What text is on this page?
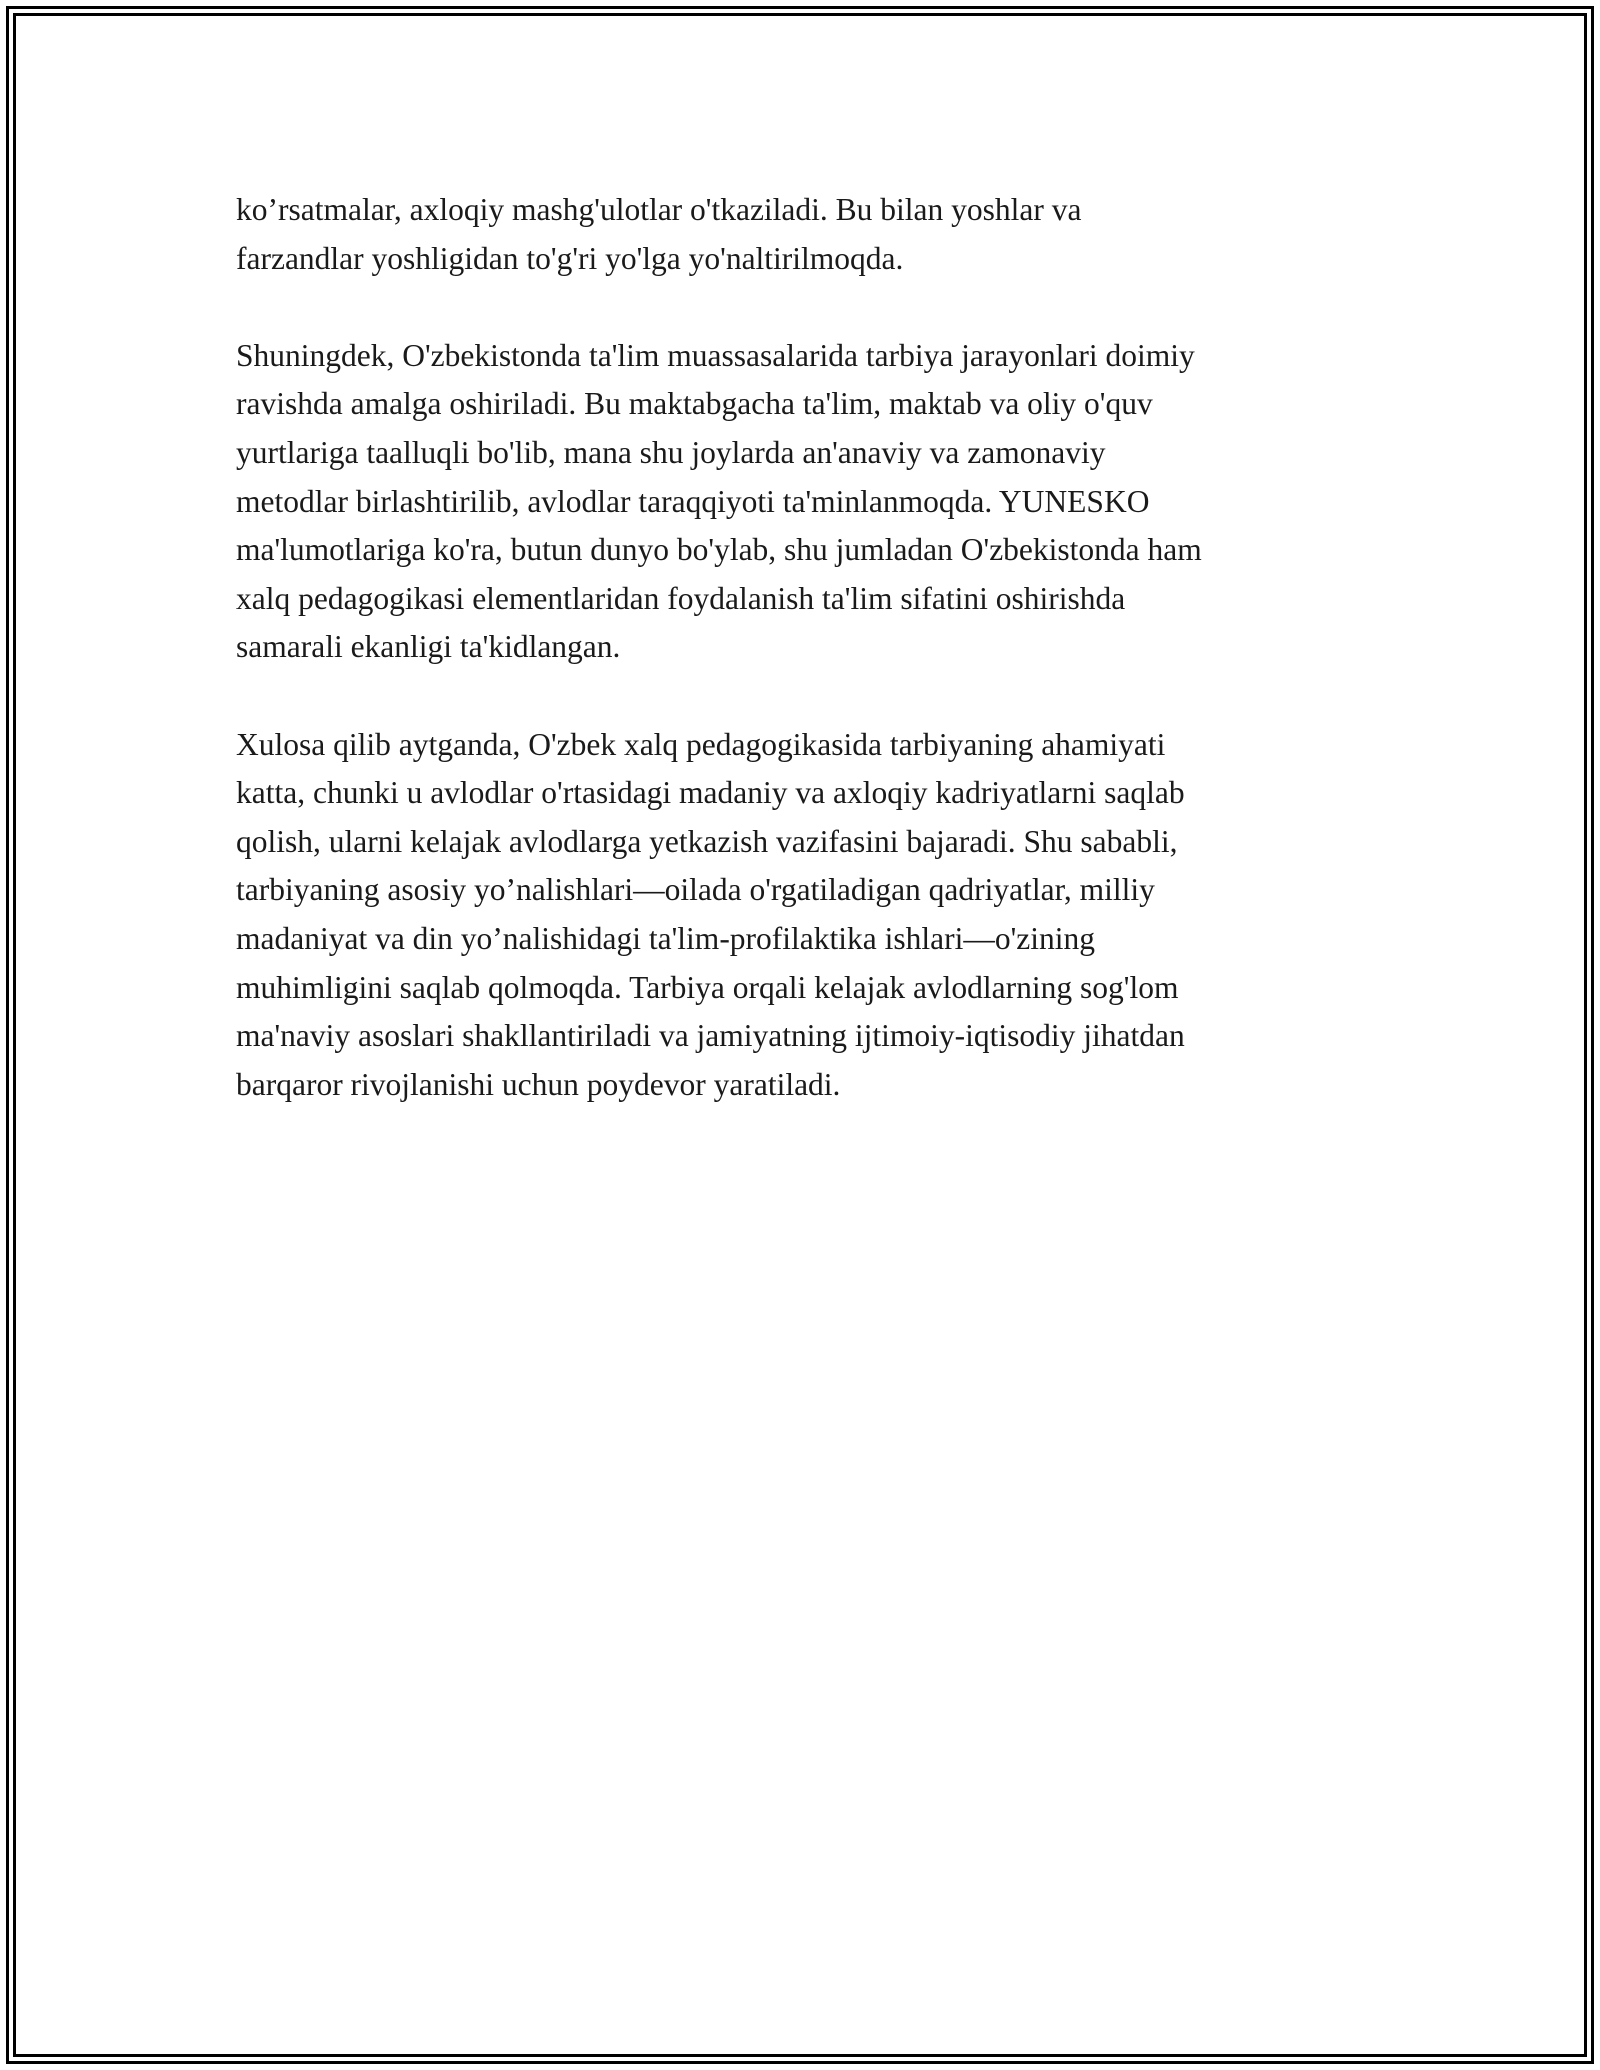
ko’rsatmalar, axloqiy mashg'ulotlar o'tkaziladi. Bu bilan yoshlar va
farzandlar yoshligidan to'g'ri yo'lga yo'naltirilmoqda.

Shuningdek, O'zbekistonda ta'lim muassasalarida tarbiya jarayonlari doimiy
ravishda amalga oshiriladi. Bu maktabgacha ta'lim, maktab va oliy o'quv
yurtlariga taalluqli bo'lib, mana shu joylarda an'anaviy va zamonaviy
metodlar birlashtirilib, avlodlar taraqqiyoti ta'minlanmoqda. YUNESKO
ma'lumotlariga ko'ra, butun dunyo bo'ylab, shu jumladan O'zbekistonda ham
xalq pedagogikasi elementlaridan foydalanish ta'lim sifatini oshirishda
samarali ekanligi ta'kidlangan.

Xulosa qilib aytganda, O'zbek xalq pedagogikasida tarbiyaning ahamiyati
katta, chunki u avlodlar o'rtasidagi madaniy va axloqiy kadriyatlarni saqlab
qolish, ularni kelajak avlodlarga yetkazish vazifasini bajaradi. Shu sababli,
tarbiyaning asosiy yo’nalishlari—oilada o'rgatiladigan qadriyatlar, milliy
madaniyat va din yo’nalishidagi ta'lim-profilaktika ishlari—o'zining
muhimligini saqlab qolmoqda. Tarbiya orqali kelajak avlodlarning sog'lom
ma'naviy asoslari shakllantiriladi va jamiyatning ijtimoiy-iqtisodiy jihatdan
barqaror rivojlanishi uchun poydevor yaratiladi.
